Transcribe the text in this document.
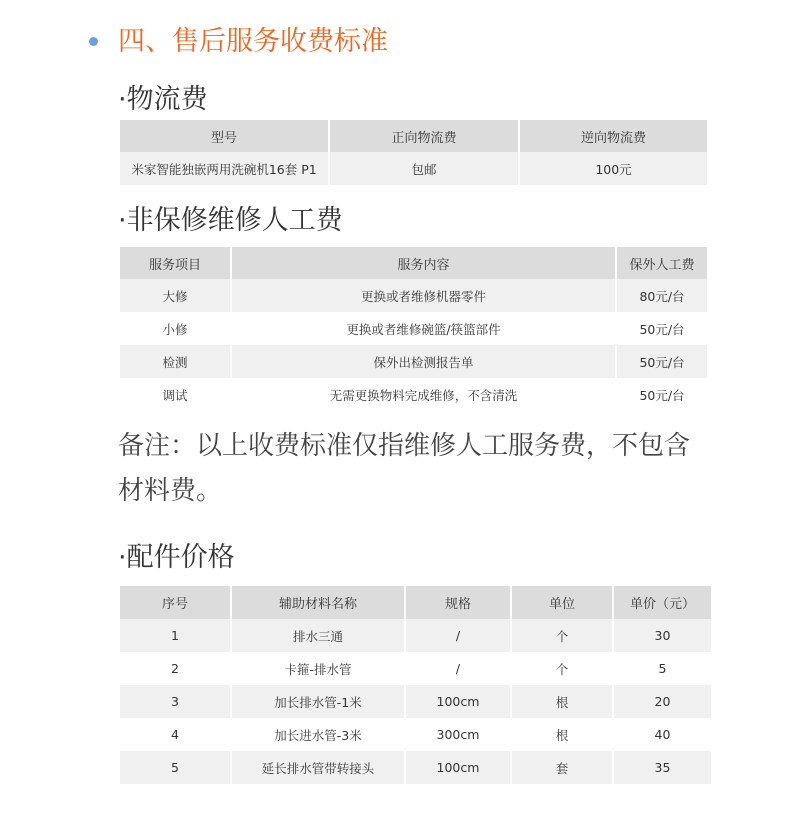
四、售后服务收费标准
·物流费
型号	正向物流费	逆向物流费
米家智能独嵌两用洗碗机16套 P1	包邮	100元
·非保修维修人工费
服务项目	服务内容	保外人工费
大修	更换或者维修机器零件	80元/台
小修	更换或者维修碗篮/筷篮部件	50元/台
检测	保外出检测报告单	50元/台
调试	无需更换物料完成维修，不含清洗	50元/台

备注：以上收费标准仅指维修人工服务费，不包含材料费。

·配件价格
序号	辅助材料名称	规格	单位	单价（元）
1	排水三通	/	个	30
2	卡箍-排水管	/	个	5
3	加长排水管-1米	100cm	根	20
4	加长进水管-3米	300cm	根	40
5	延长排水管带转接头	100cm	套	35
